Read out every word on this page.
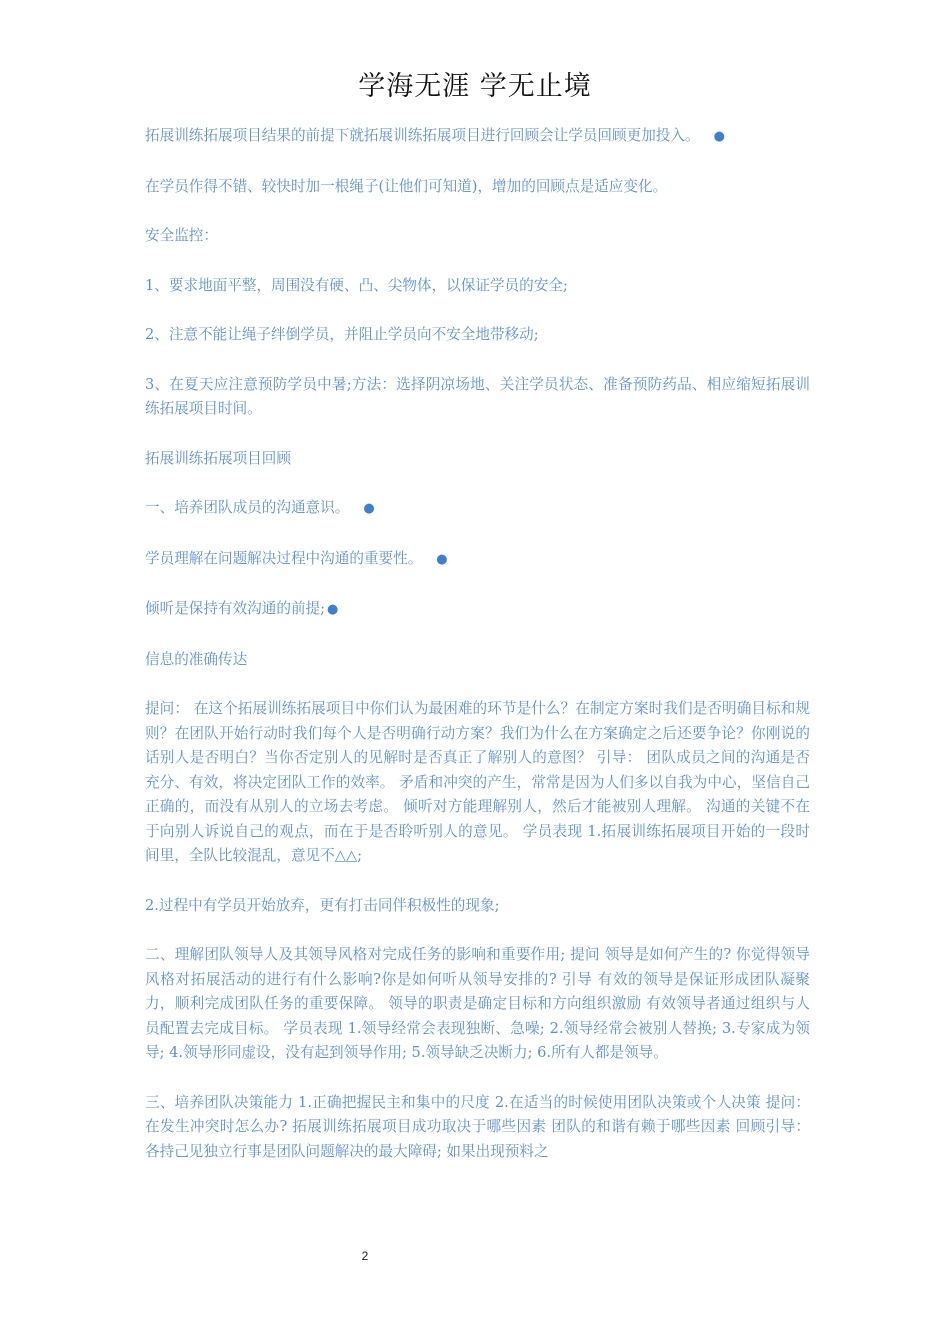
学海无涯 学无止境

拓展训练拓展项目结果的前提下就拓展训练拓展项目进行回顾会让学员回顾更加投入。 ●

在学员作得不错、较快时加一根绳子(让他们可知道)，增加的回顾点是适应变化。

安全监控：

1、要求地面平整，周围没有硬、凸、尖物体，以保证学员的安全;

2、注意不能让绳子绊倒学员，并阻止学员向不安全地带移动;

3、在夏天应注意预防学员中暑;方法：选择阴凉场地、关注学员状态、准备预防药品、相应缩短拓展训练拓展项目时间。

拓展训练拓展项目回顾

一、培养团队成员的沟通意识。 ●

学员理解在问题解决过程中沟通的重要性。 ●

倾听是保持有效沟通的前提; ●

信息的准确传达

提问： 在这个拓展训练拓展项目中你们认为最困难的环节是什么？在制定方案时我们是否明确目标和规则？在团队开始行动时我们每个人是否明确行动方案？我们为什么在方案确定之后还要争论？你刚说的话别人是否明白？当你否定别人的见解时是否真正了解别人的意图？ 引导： 团队成员之间的沟通是否充分、有效，将决定团队工作的效率。 矛盾和冲突的产生，常常是因为人们多以自我为中心，坚信自己正确的，而没有从别人的立场去考虑。 倾听对方能理解别人，然后才能被别人理解。 沟通的关键不在于向别人诉说自己的观点，而在于是否聆听别人的意见。 学员表现 1.拓展训练拓展项目开始的一段时间里，全队比较混乱，意见不△△;

2.过程中有学员开始放弃，更有打击同伴积极性的现象;

二、理解团队领导人及其领导风格对完成任务的影响和重要作用; 提问 领导是如何产生的? 你觉得领导风格对拓展活动的进行有什么影响?你是如何听从领导安排的? 引导 有效的领导是保证形成团队凝聚力，顺利完成团队任务的重要保障。 领导的职责是确定目标和方向组织激励 有效领导者通过组织与人员配置去完成目标。 学员表现 1.领导经常会表现独断、急噪; 2.领导经常会被别人替换; 3.专家成为领导; 4.领导形同虚设，没有起到领导作用; 5.领导缺乏决断力; 6.所有人都是领导。

三、培养团队决策能力 1.正确把握民主和集中的尺度 2.在适当的时候使用团队决策或个人决策 提问：在发生冲突时怎么办? 拓展训练拓展项目成功取决于哪些因素 团队的和谐有赖于哪些因素 回顾引导： 各持己见独立行事是团队问题解决的最大障碍; 如果出现预料之

2
